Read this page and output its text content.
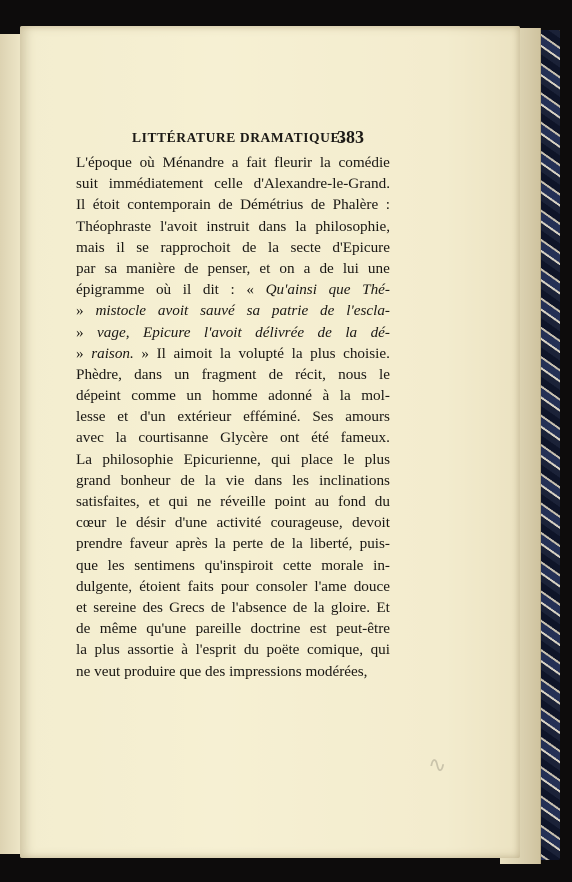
LITTÉRATURE DRAMATIQUE.
383
L'époque où Ménandre a fait fleurir la comédie
suit immédiatement celle d'Alexandre-le-Grand.
Il étoit contemporain de Démétrius de Phalère :
Théophraste l'avoit instruit dans la philosophie,
mais il se rapprochoit de la secte d'Epicure
par sa manière de penser, et on a de lui une
épigramme où il dit : « Qu'ainsi que Thé-
» mistocle avoit sauvé sa patrie de l'escla-
» vage, Epicure l'avoit délivrée de la dé-
» raison. » Il aimoit la volupté la plus choisie.
Phèdre, dans un fragment de récit, nous le
dépeint comme un homme adonné à la mol-
lesse et d'un extérieur efféminé. Ses amours
avec la courtisanne Glycère ont été fameux.
La philosophie Epicurienne, qui place le plus
grand bonheur de la vie dans les inclinations
satisfaites, et qui ne réveille point au fond du
cœur le désir d'une activité courageuse, devoit
prendre faveur après la perte de la liberté, puis-
que les sentimens qu'inspiroit cette morale in-
dulgente, étoient faits pour consoler l'ame douce
et sereine des Grecs de l'absence de la gloire. Et
de même qu'une pareille doctrine est peut-être
la plus assortie à l'esprit du poëte comique, qui
ne veut produire que des impressions modérées,
∿
